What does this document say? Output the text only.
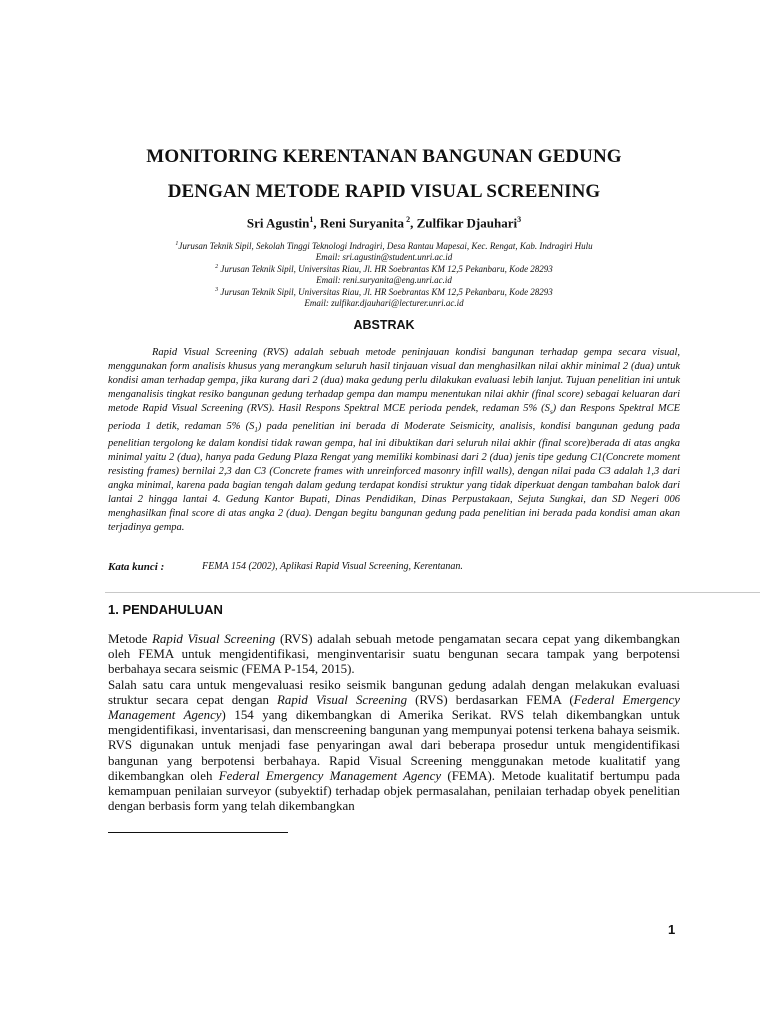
MONITORING KERENTANAN BANGUNAN GEDUNG
DENGAN METODE RAPID VISUAL SCREENING
Sri Agustin$^1$, Reni Suryanita $^2$, Zulfikar Djauhari$^3$
$^1$Jurusan Teknik Sipil, Sekolah Tinggi Teknologi Indragiri, Desa Rantau Mapesai, Kec. Rengat, Kab. Indragiri Hulu
Email: sri.agustin@student.unri.ac.id
$^2$ Jurusan Teknik Sipil, Universitas Riau, Jl. HR Soebrantas KM 12,5 Pekanbaru, Kode 28293
Email: reni.suryanita@eng.unri.ac.id
$^3$ Jurusan Teknik Sipil, Universitas Riau, Jl. HR Soebrantas KM 12,5 Pekanbaru, Kode 28293
Email: zulfikar.djauhari@lecturer.unri.ac.id
ABSTRAK
Rapid Visual Screening (RVS) adalah sebuah metode peninjauan kondisi bangunan terhadap gempa secara visual, menggunakan form analisis khusus yang merangkum seluruh hasil tinjauan visual dan menghasilkan nilai akhir minimal 2 (dua) untuk kondisi aman terhadap gempa, jika kurang dari 2 (dua) maka gedung perlu dilakukan evaluasi lebih lanjut. Tujuan penelitian ini untuk menganalisis tingkat resiko bangunan gedung terhadap gempa dan mampu menentukan nilai akhir (final score) sebagai keluaran dari metode Rapid Visual Screening (RVS). Hasil Respons Spektral MCE perioda pendek, redaman 5% $(S_s)$ dan Respons Spektral MCE perioda 1 detik, redaman 5% $(S_1)$ pada penelitian ini berada di Moderate Seismicity, analisis, kondisi bangunan gedung pada penelitian tergolong ke dalam kondisi tidak rawan gempa, hal ini dibuktikan dari seluruh nilai akhir (final score)berada di atas angka minimal yaitu 2 (dua), hanya pada Gedung Plaza Rengat yang memiliki kombinasi dari 2 (dua) jenis tipe gedung C1(Concrete moment resisting frames) bernilai 2,3 dan C3 (Concrete frames with unreinforced masonry infill walls), dengan nilai pada C3 adalah 1,3 dari angka minimal, karena pada bagian tengah dalam gedung terdapat kondisi struktur yang tidak diperkuat dengan tambahan balok dari lantai 2 hingga lantai 4. Gedung Kantor Bupati, Dinas Pendidikan, Dinas Perpustakaan, Sejuta Sungkai, dan SD Negeri 006 menghasilkan final score di atas angka 2 (dua). Dengan begitu bangunan gedung pada penelitian ini berada pada kondisi aman akan terjadinya gempa.
Kata kunci :	FEMA 154 (2002), Aplikasi Rapid Visual Screening, Kerentanan.
1. PENDAHULUAN

Metode Rapid Visual Screening (RVS) adalah sebuah metode pengamatan secara cepat yang dikembangkan oleh FEMA untuk mengidentifikasi, menginventarisir suatu bengunan secara tampak yang berpotensi berbahaya secara seismic (FEMA P-154, 2015).

Salah satu cara untuk mengevaluasi resiko seismik bangunan gedung adalah dengan melakukan evaluasi struktur secara cepat dengan Rapid Visual Screening (RVS) berdasarkan FEMA (Federal Emergency Management Agency) 154 yang dikembangkan di Amerika Serikat. RVS telah dikembangkan untuk mengidentifikasi, inventarisasi, dan menscreening bangunan yang mempunyai potensi terkena bahaya seismik. RVS digunakan untuk menjadi fase penyaringan awal dari beberapa prosedur untuk mengidentifikasi bangunan yang berpotensi berbahaya. Rapid Visual Screening menggunakan metode kualitatif yang dikembangkan oleh Federal Emergency Management Agency (FEMA). Metode kualitatif bertumpu pada kemampuan penilaian surveyor (subyektif) terhadap objek permasalahan, penilaian terhadap obyek penelitian dengan berbasis form yang telah dikembangkan

1
